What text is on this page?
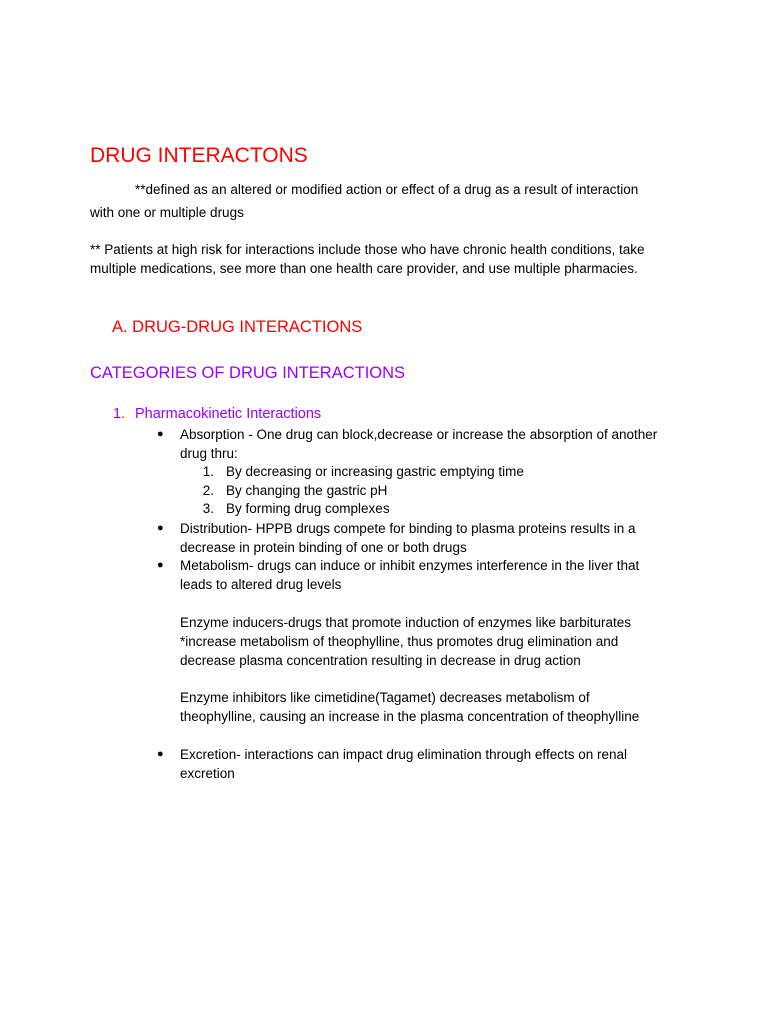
DRUG INTERACTONS
**defined as an altered or modified action or effect of a drug as a result of interaction
with one or multiple drugs
** Patients at high risk for interactions include those who have chronic health conditions, take
multiple medications, see more than one health care provider, and use multiple pharmacies.
A. DRUG-DRUG INTERACTIONS
CATEGORIES OF DRUG INTERACTIONS
1. Pharmacokinetic Interactions
● Absorption - One drug can block,decrease or increase the absorption of another
drug thru:
1. By decreasing or increasing gastric emptying time
2. By changing the gastric pH
3. By forming drug complexes
● Distribution- HPPB drugs compete for binding to plasma proteins results in a
decrease in protein binding of one or both drugs
● Metabolism- drugs can induce or inhibit enzymes interference in the liver that
leads to altered drug levels
Enzyme inducers-drugs that promote induction of enzymes like barbiturates
*increase metabolism of theophylline, thus promotes drug elimination and
decrease plasma concentration resulting in decrease in drug action
Enzyme inhibitors like cimetidine(Tagamet) decreases metabolism of
theophylline, causing an increase in the plasma concentration of theophylline
● Excretion- interactions can impact drug elimination through effects on renal
excretion
